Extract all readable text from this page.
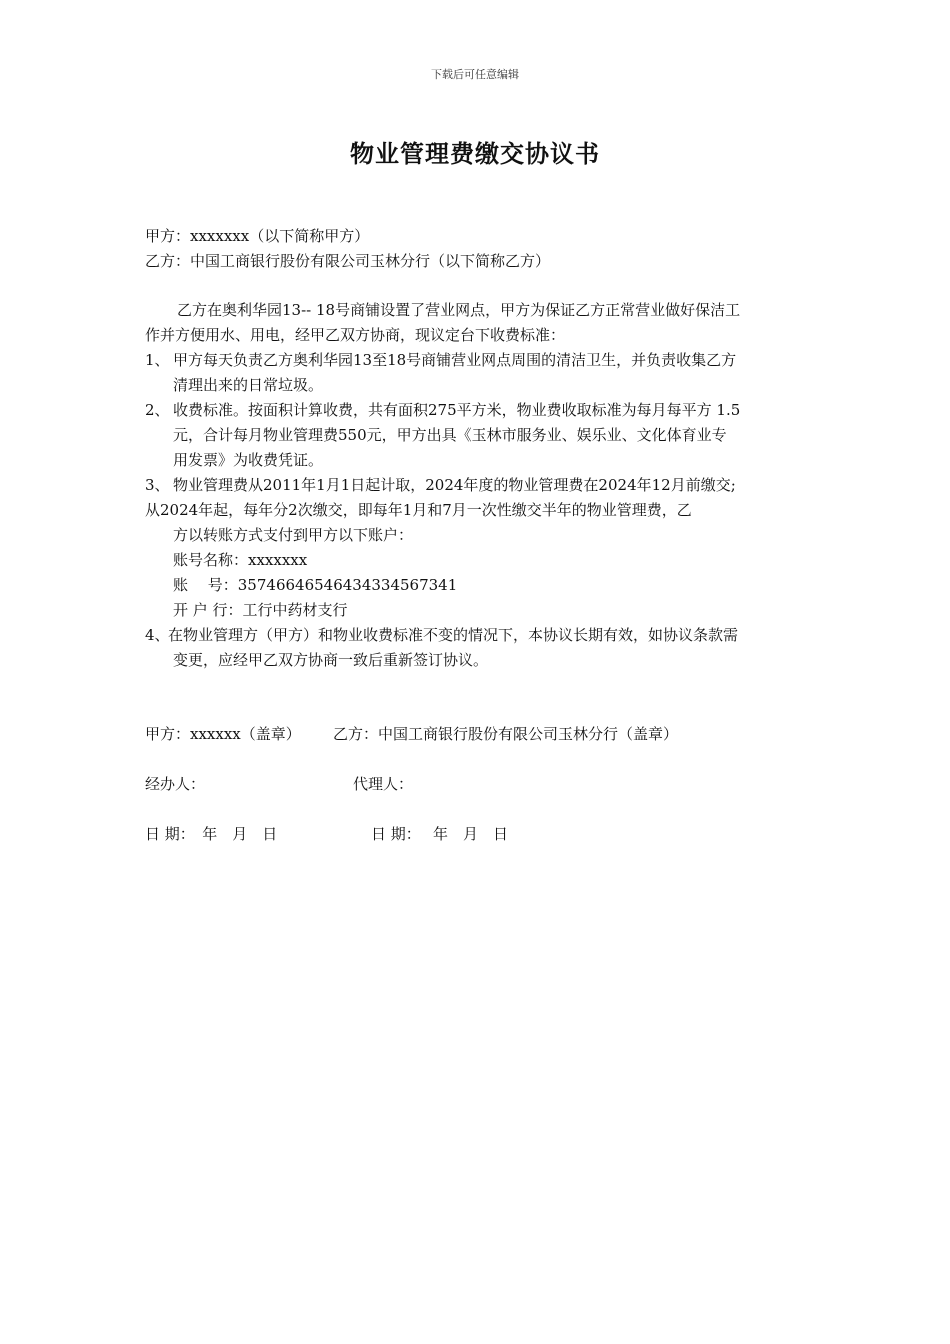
下载后可任意编辑
物业管理费缴交协议书
甲方：xxxxxxx（以下简称甲方）
乙方：中国工商银行股份有限公司玉林分行（以下简称乙方）
乙方在奥利华园13-- 18号商铺设置了营业网点，甲方为保证乙方正常营业做好保洁工
作并方便用水、用电，经甲乙双方协商，现议定台下收费标准：
1、 甲方每天负责乙方奥利华园13至18号商铺营业网点周围的清洁卫生，并负责收集乙方
清理出来的日常垃圾。
2、 收费标准。按面积计算收费，共有面积275平方米，物业费收取标准为每月每平方 1.5
元，合计每月物业管理费550元，甲方出具《玉林市服务业、娱乐业、文化体育业专
用发票》为收费凭证。
3、 物业管理费从2011年1月1日起计取，2024年度的物业管理费在2024年12月前缴交;
从2024年起，每年分2次缴交，即每年1月和7月一次性缴交半年的物业管理费，乙
方以转账方式支付到甲方以下账户：
账号名称：xxxxxxx
账　 号：35746646546434334567341
开 户 行：工行中药材支行
4、
在物业管理方（甲方）和物业收费标准不变的情况下，本协议长期有效，如协议条款需
变更，应经甲乙双方协商一致后重新签订协议。
甲方：xxxxxx（盖章） 乙方：中国工商银行股份有限公司玉林分行（盖章）
经办人：	代理人：
日 期：　年　月　日	日 期：　 年　月　日
